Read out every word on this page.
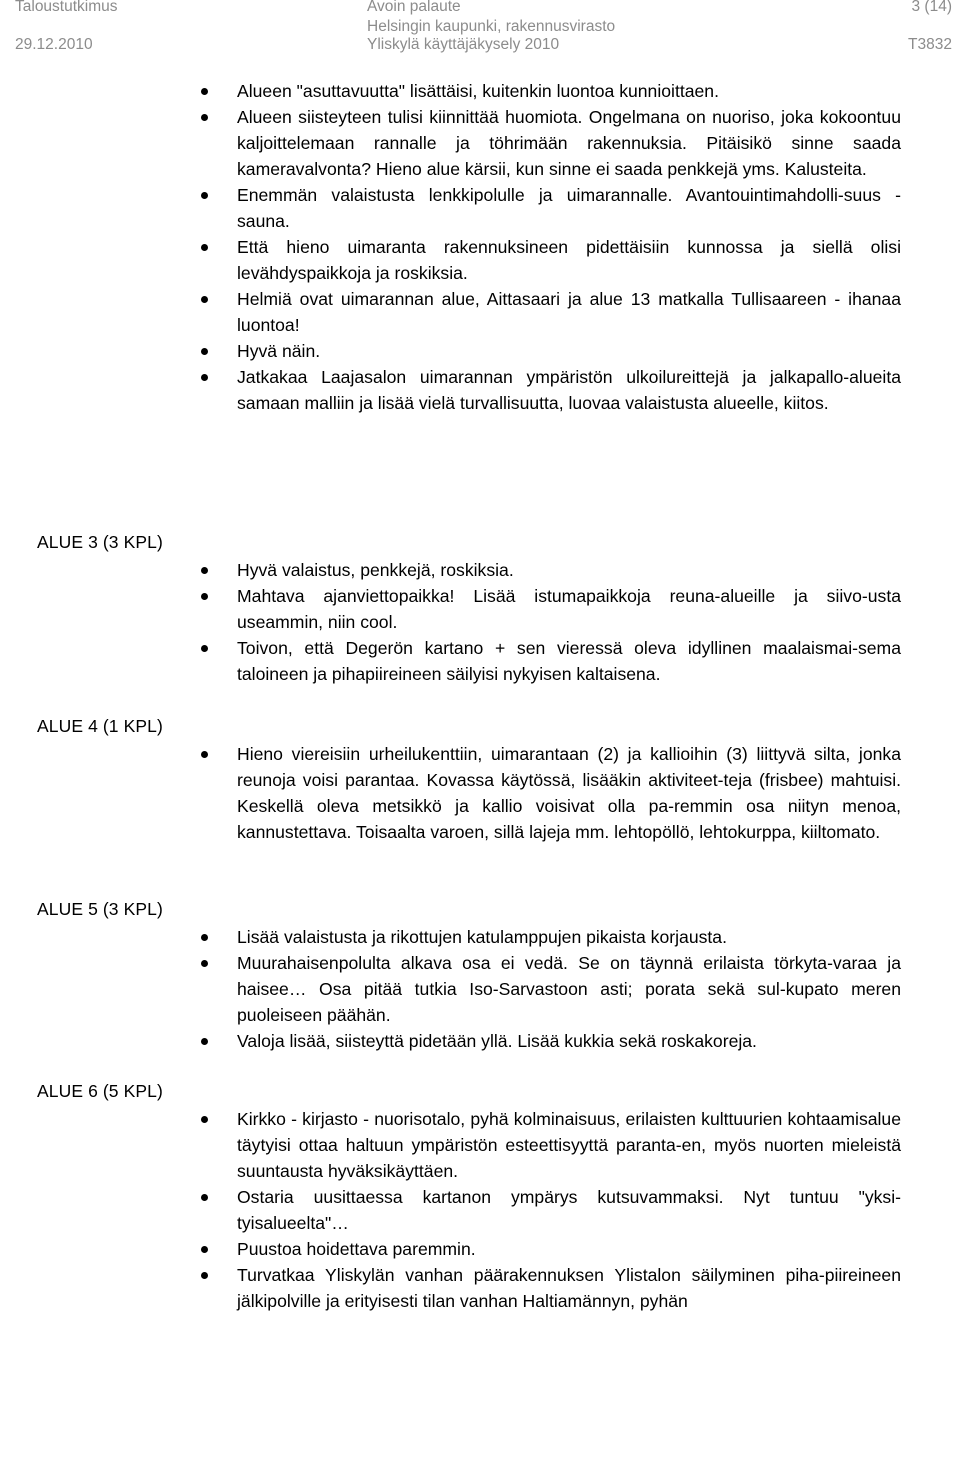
Taloustutkimus	Avoin palaute
Helsingin kaupunki, rakennusvirasto
3 (14)
29.12.2010	Yliskylä käyttäjäkysely 2010	T3832
Alueen "asuttavuutta" lisättäisi, kuitenkin luontoa kunnioittaen.
Alueen siisteyteen tulisi kiinnittää huomiota. Ongelmana on nuoriso, joka kokoontuu kaljoittelemaan rannalle ja töhrimään rakennuksia. Pitäisikö sinne saada kameravalvonta? Hieno alue kärsii, kun sinne ei saada penkkejä yms. Kalusteita.
Enemmän valaistusta lenkkipolulle ja uimarannalle. Avantouintimahdolli-suus - sauna.
Että hieno uimaranta rakennuksineen pidettäisiin kunnossa ja siellä olisi levähdyspaikkoja ja roskiksia.
Helmiä ovat uimarannan alue, Aittasaari ja alue 13 matkalla Tullisaareen - ihanaa luontoa!
Hyvä näin.
Jatkakaa Laajasalon uimarannan ympäristön ulkoilureittejä ja jalkapallo-alueita samaan malliin ja lisää vielä turvallisuutta, luovaa valaistusta alueelle, kiitos.
ALUE 3 (3 KPL)
Hyvä valaistus, penkkejä, roskiksia.
Mahtava ajanviettopaikka! Lisää istumapaikkoja reuna-alueille ja siivo-usta useammin, niin cool.
Toivon, että Degerön kartano + sen vieressä oleva idyllinen maalaismai-sema taloineen ja pihapiireineen säilyisi nykyisen kaltaisena.
ALUE 4 (1 KPL)
Hieno viereisiin urheilukenttiin, uimarantaan (2) ja kallioihin (3) liittyvä silta, jonka reunoja voisi parantaa. Kovassa käytössä, lisääkin aktiviteet-teja (frisbee) mahtuisi. Keskellä oleva metsikkö ja kallio voisivat olla pa-remmin osa niityn menoa, kannustettava. Toisaalta varoen, sillä lajeja mm. lehtopöllö, lehtokurppa, kiiltomato.
ALUE 5 (3 KPL)
Lisää valaistusta ja rikottujen katulamppujen pikaista korjausta.
Muurahaisenpolulta alkava osa ei vedä. Se on täynnä erilaista törkyta-varaa ja haisee… Osa pitää tutkia Iso-Sarvastoon asti; porata sekä sul-kupato meren puoleiseen päähän.
Valoja lisää, siisteyttä pidetään yllä. Lisää kukkia sekä roskakoreja.
ALUE 6 (5 KPL)
Kirkko - kirjasto - nuorisotalo, pyhä kolminaisuus, erilaisten kulttuurien kohtaamisalue täytyisi ottaa haltuun ympäristön esteettisyyttä paranta-en, myös nuorten mieleistä suuntausta hyväksikäyttäen.
Ostaria uusittaessa kartanon ympärys kutsuvammaksi. Nyt tuntuu "yksi-tyisalueelta"…
Puustoa hoidettava paremmin.
Turvatkaa Yliskylän vanhan päärakennuksen Ylistalon säilyminen piha-piireineen jälkipolville ja erityisesti tilan vanhan Haltiamännyn, pyhän
